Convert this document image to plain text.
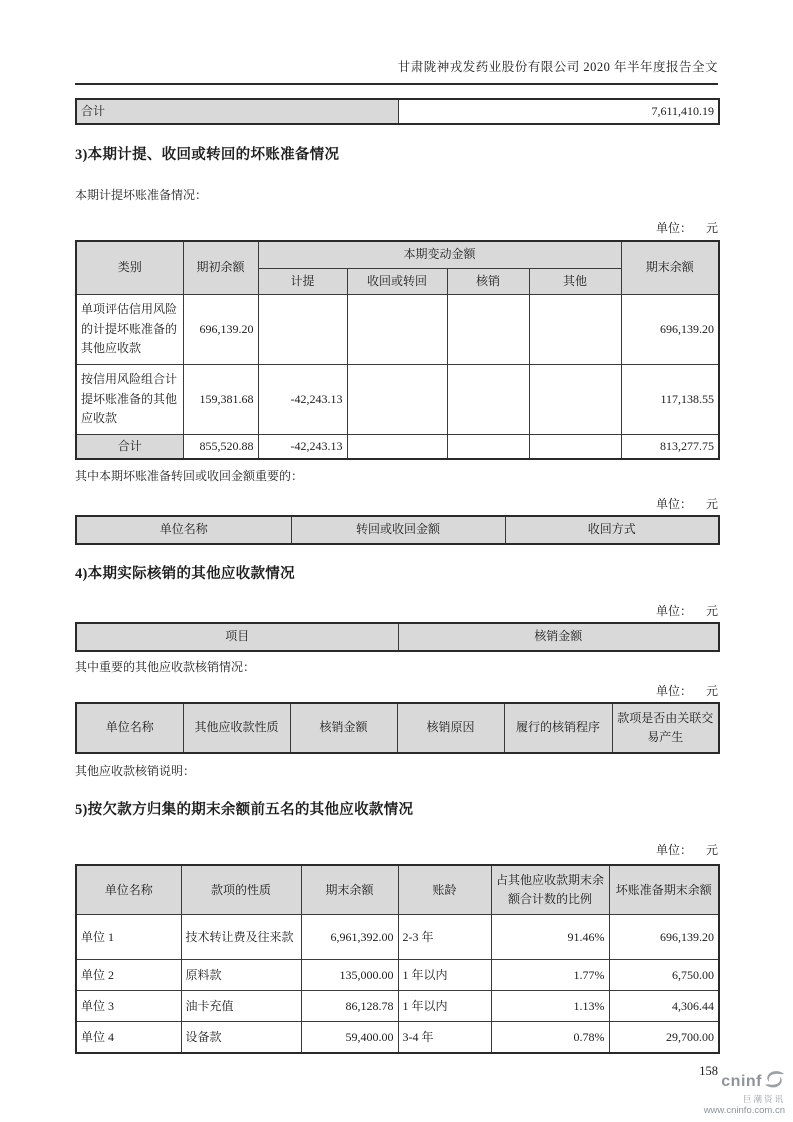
甘肃陇神戎发药业股份有限公司 2020 年半年度报告全文
合计	7,611,410.19
3)本期计提、收回或转回的坏账准备情况

本期计提坏账准备情况：

单位： 元
类别	期初余额	本期变动金额				期末余额
		计提	收回或转回	核销	其他	
单项评估信用风险的计提坏账准备的其他应收款	696,139.20					696,139.20
按信用风险组合计提坏账准备的其他应收款	159,381.68	-42,243.13				117,138.55
合计	855,520.88	-42,243.13				813,277.75

其中本期坏账准备转回或收回金额重要的：

单位： 元
单位名称	转回或收回金额	收回方式
4)本期实际核销的其他应收款情况
单位： 元
项目	核销金额

其中重要的其他应收款核销情况：

单位： 元
单位名称	其他应收款性质	核销金额	核销原因	履行的核销程序	款项是否由关联交易产生

其他应收款核销说明：

5)按欠款方归集的期末余额前五名的其他应收款情况
单位： 元
单位名称	款项的性质	期末余额	账龄	占其他应收款期末余额合计数的比例	坏账准备期末余额
单位 1	技术转让费及往来款	6,961,392.00	2-3 年	91.46%	696,139.20
单位 2	原料款	135,000.00	1 年以内	1.77%	6,750.00
单位 3	油卡充值	86,128.78	1 年以内	1.13%	4,306.44
单位 4	设备款	59,400.00	3-4 年	0.78%	29,700.00
158
cninf
巨潮资讯
www.cninfo.com.cn
